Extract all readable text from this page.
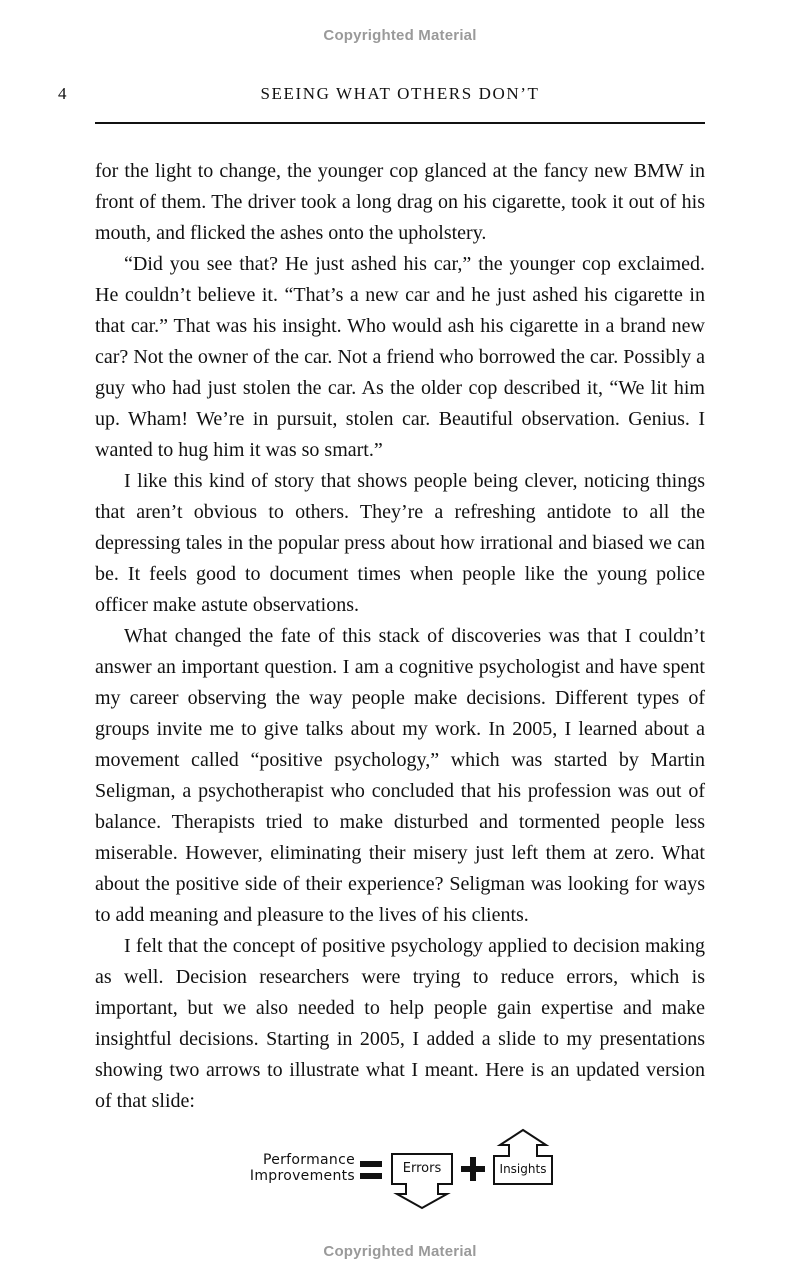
Copyrighted Material
4	SEEING WHAT OTHERS DON’T

for the light to change, the younger cop glanced at the fancy new BMW in front of them. The driver took a long drag on his cigarette, took it out of his mouth, and flicked the ashes onto the upholstery.

“Did you see that? He just ashed his car,” the younger cop exclaimed. He couldn’t believe it. “That’s a new car and he just ashed his cigarette in that car.” That was his insight. Who would ash his cigarette in a brand new car? Not the owner of the car. Not a friend who borrowed the car. Possibly a guy who had just stolen the car. As the older cop described it, “We lit him up. Wham! We’re in pursuit, stolen car. Beautiful observation. Genius. I wanted to hug him it was so smart.”

I like this kind of story that shows people being clever, noticing things that aren’t obvious to others. They’re a refreshing antidote to all the depressing tales in the popular press about how irrational and biased we can be. It feels good to document times when people like the young police officer make astute observations.

What changed the fate of this stack of discoveries was that I couldn’t answer an important question. I am a cognitive psychologist and have spent my career observing the way people make decisions. Different types of groups invite me to give talks about my work. In 2005, I learned about a movement called “positive psychology,” which was started by Martin Seligman, a psychotherapist who concluded that his profession was out of balance. Therapists tried to make disturbed and tormented people less miserable. However, eliminating their misery just left them at zero. What about the positive side of their experience? Seligman was looking for ways to add meaning and pleasure to the lives of his clients.

I felt that the concept of positive psychology applied to decision making as well. Decision researchers were trying to reduce errors, which is important, but we also needed to help people gain expertise and make insightful decisions. Starting in 2005, I added a slide to my presentations showing two arrows to illustrate what I meant. Here is an updated version of that slide:

Performance
Improvements	Errors	Insights
Copyrighted Material
